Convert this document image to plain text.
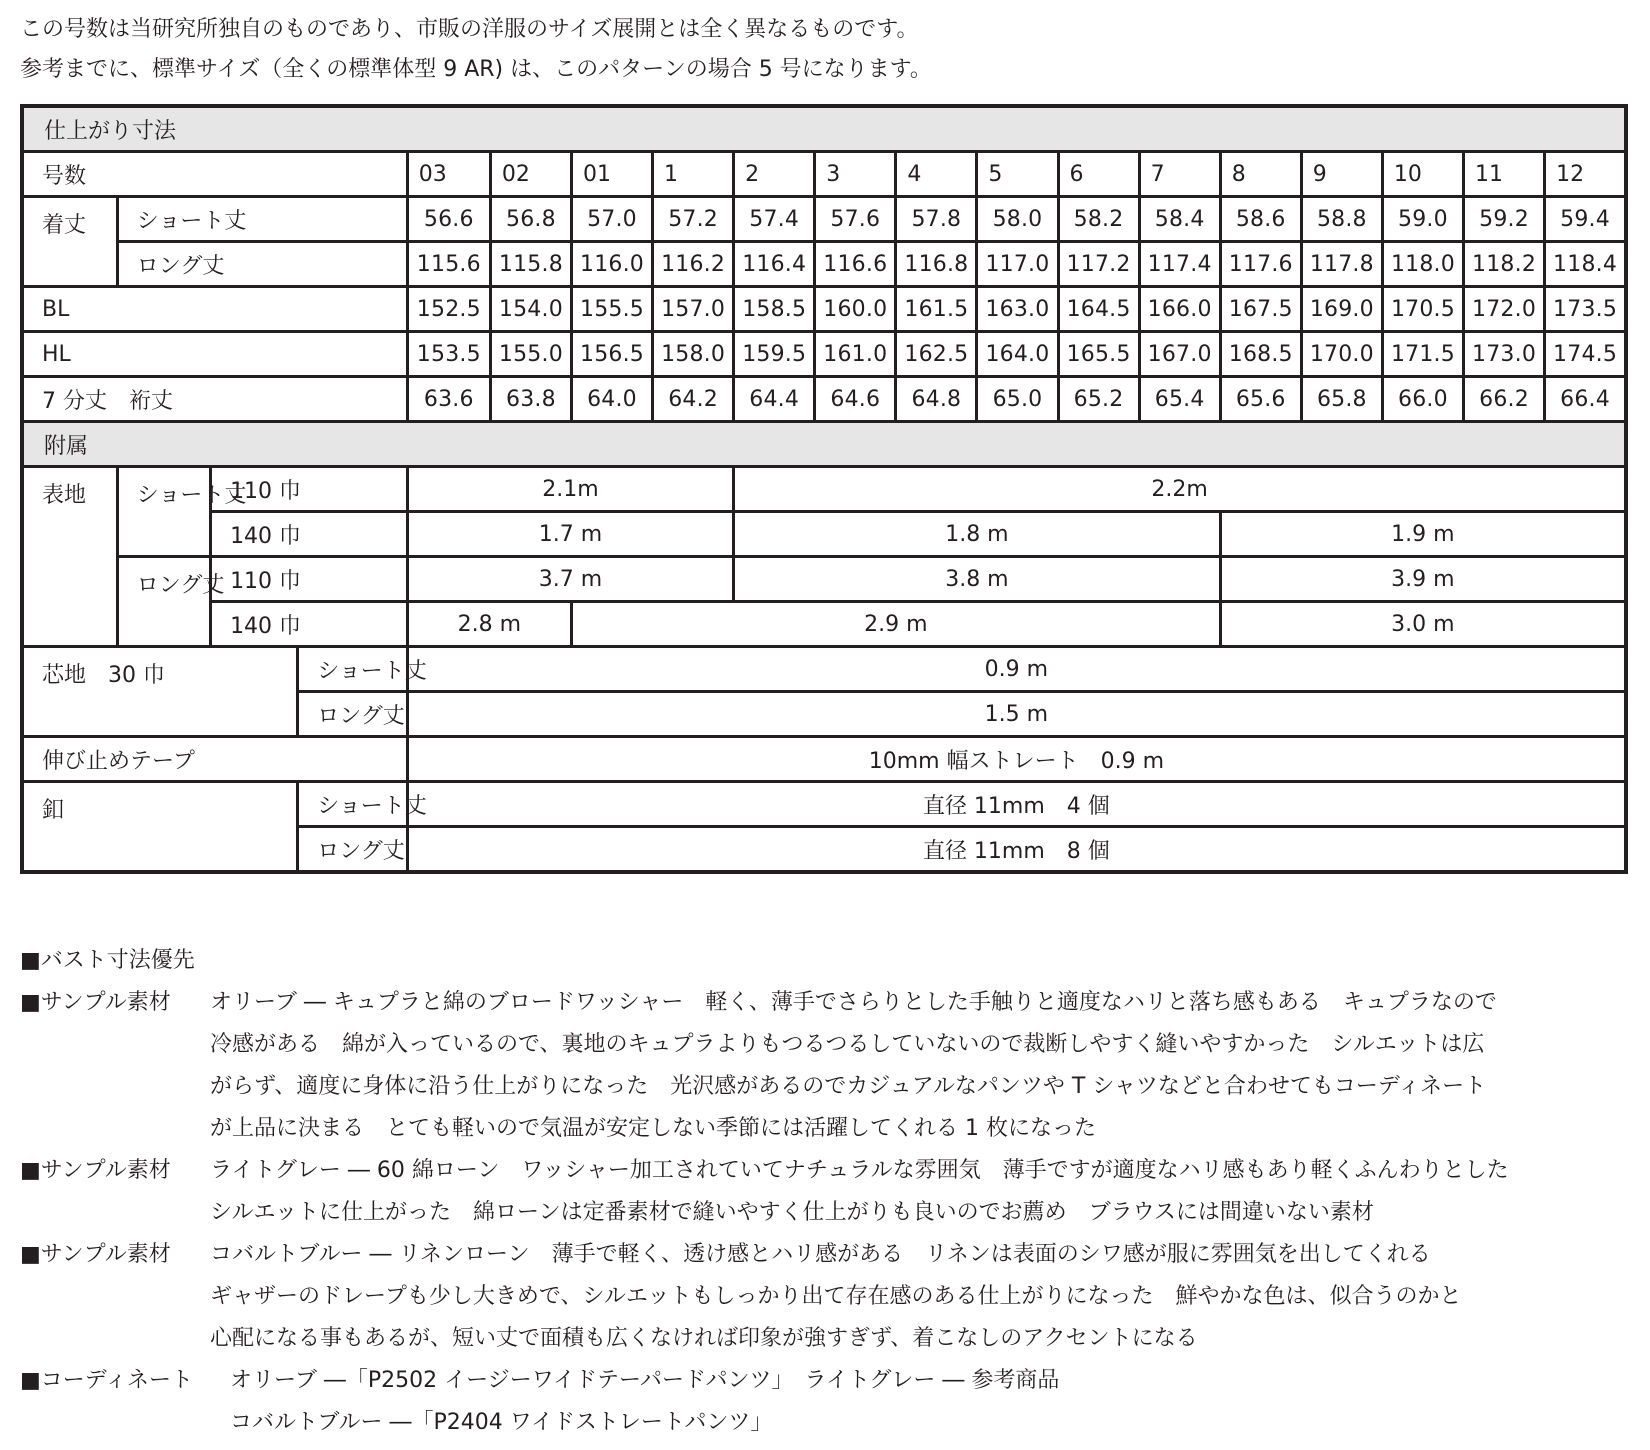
この号数は当研究所独自のものであり、市販の洋服のサイズ展開とは全く異なるものです。
参考までに、標準サイズ（全くの標準体型 9 AR) は、このパターンの場合 5 号になります。
仕上がり寸法																		
号数				03	02	01	1	2	3	4	5	6	7	8	9	10	11	12
着丈	ショート丈			56.6	56.8	57.0	57.2	57.4	57.6	57.8	58.0	58.2	58.4	58.6	58.8	59.0	59.2	59.4
	ロング丈			115.6	115.8	116.0	116.2	116.4	116.6	116.8	117.0	117.2	117.4	117.6	117.8	118.0	118.2	118.4
BL				152.5	154.0	155.5	157.0	158.5	160.0	161.5	163.0	164.5	166.0	167.5	169.0	170.5	172.0	173.5
HL				153.5	155.0	156.5	158.0	159.5	161.0	162.5	164.0	165.5	167.0	168.5	170.0	171.5	173.0	174.5
7 分丈　裄丈				63.6	63.8	64.0	64.2	64.4	64.6	64.8	65.0	65.2	65.4	65.6	65.8	66.0	66.2	66.4
附属																		
表地	ショート丈	110 巾		2.1m				2.2m										
		140 巾		1.7 m				1.8 m						1.9 m				
	ロング丈	110 巾		3.7 m				3.8 m						3.9 m				
		140 巾		2.8 m		2.9 m								3.0 m				
芯地　30 巾			ショート丈	0.9 m														
			ロング丈	1.5 m														
伸び止めテープ				10mm 幅ストレート　0.9 m														
釦			ショート丈	直径 11mm　4 個														
			ロング丈	直径 11mm　8 個														
■バスト寸法優先
■サンプル素材	オリーブ ― キュプラと綿のブロードワッシャー　軽く、薄手でさらりとした手触りと適度なハリと落ち感もある　キュプラなので
冷感がある　綿が入っているので、裏地のキュプラよりもつるつるしていないので裁断しやすく縫いやすかった　シルエットは広
がらず、適度に身体に沿う仕上がりになった　光沢感があるのでカジュアルなパンツや T シャツなどと合わせてもコーディネート
が上品に決まる　とても軽いので気温が安定しない季節には活躍してくれる 1 枚になった
■サンプル素材	ライトグレー ― 60 綿ローン　ワッシャー加工されていてナチュラルな雰囲気　薄手ですが適度なハリ感もあり軽くふんわりとした
シルエットに仕上がった　綿ローンは定番素材で縫いやすく仕上がりも良いのでお薦め　ブラウスには間違いない素材
■サンプル素材	コバルトブルー ― リネンローン　薄手で軽く、透け感とハリ感がある　リネンは表面のシワ感が服に雰囲気を出してくれる
ギャザーのドレープも少し大きめで、シルエットもしっかり出て存在感のある仕上がりになった　鮮やかな色は、似合うのかと
心配になる事もあるが、短い丈で面積も広くなければ印象が強すぎず、着こなしのアクセントになる
■コーディネート	オリーブ ―「P2502 イージーワイドテーパードパンツ」　ライトグレー ― 参考商品
コバルトブルー ―「P2404 ワイドストレートパンツ」
